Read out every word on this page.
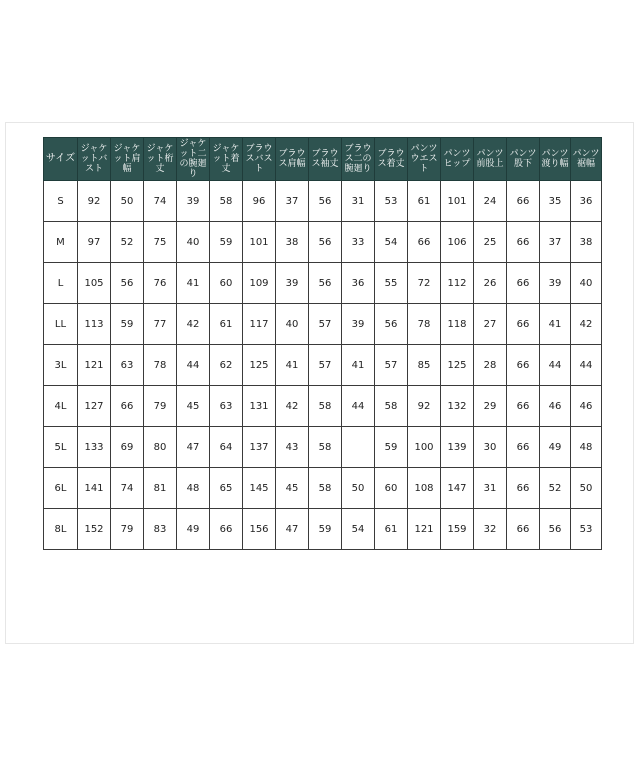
サイズ	ジャケットバスト	ジャケット肩幅	ジャケット桁丈	ジャケット二の腕廻り	ジャケット着丈	ブラウスバスト	ブラウス肩幅	ブラウス袖丈	ブラウス二の腕廻り	ブラウス着丈	パンツウエスト	パンツヒップ	パンツ前股上	パンツ股下	パンツ渡り幅	パンツ裾幅
S	92	50	74	39	58	96	37	56	31	53	61	101	24	66	35	36
M	97	52	75	40	59	101	38	56	33	54	66	106	25	66	37	38
L	105	56	76	41	60	109	39	56	36	55	72	112	26	66	39	40
LL	113	59	77	42	61	117	40	57	39	56	78	118	27	66	41	42
3L	121	63	78	44	62	125	41	57	41	57	85	125	28	66	44	44
4L	127	66	79	45	63	131	42	58	44	58	92	132	29	66	46	46
5L	133	69	80	47	64	137	43	58		59	100	139	30	66	49	48
6L	141	74	81	48	65	145	45	58	50	60	108	147	31	66	52	50
8L	152	79	83	49	66	156	47	59	54	61	121	159	32	66	56	53
